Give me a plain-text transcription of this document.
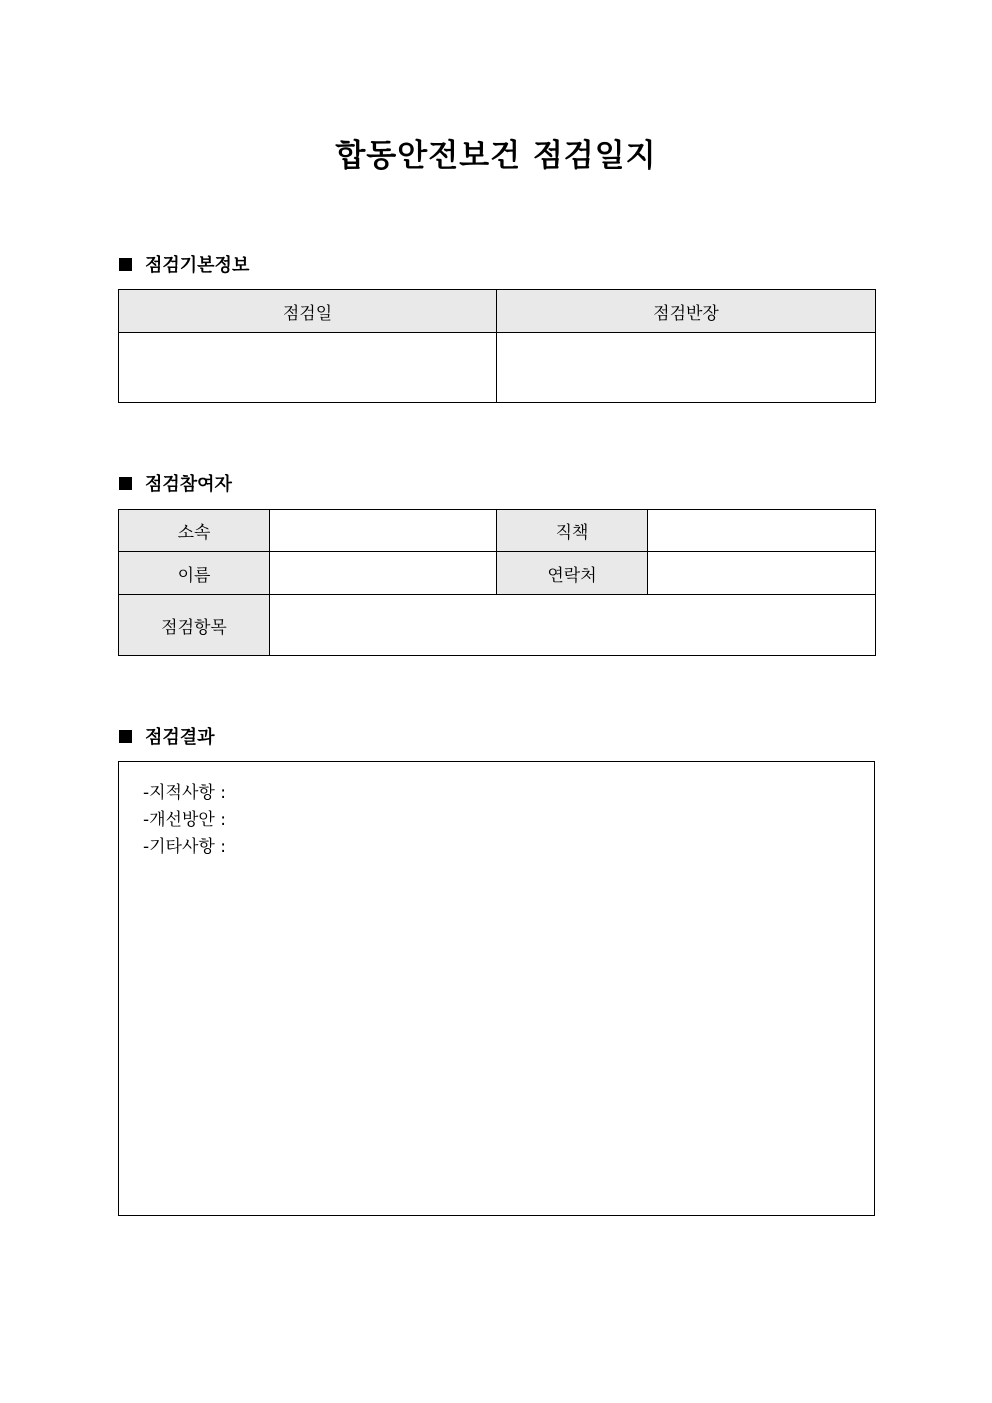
합동안전보건 점검일지
점검기본정보
점검일	점검반장

점검참여자
소속		직책	
이름		연락처	
점검항목			
점검결과
-지적사항 :
-개선방안 :
-기타사항 :
